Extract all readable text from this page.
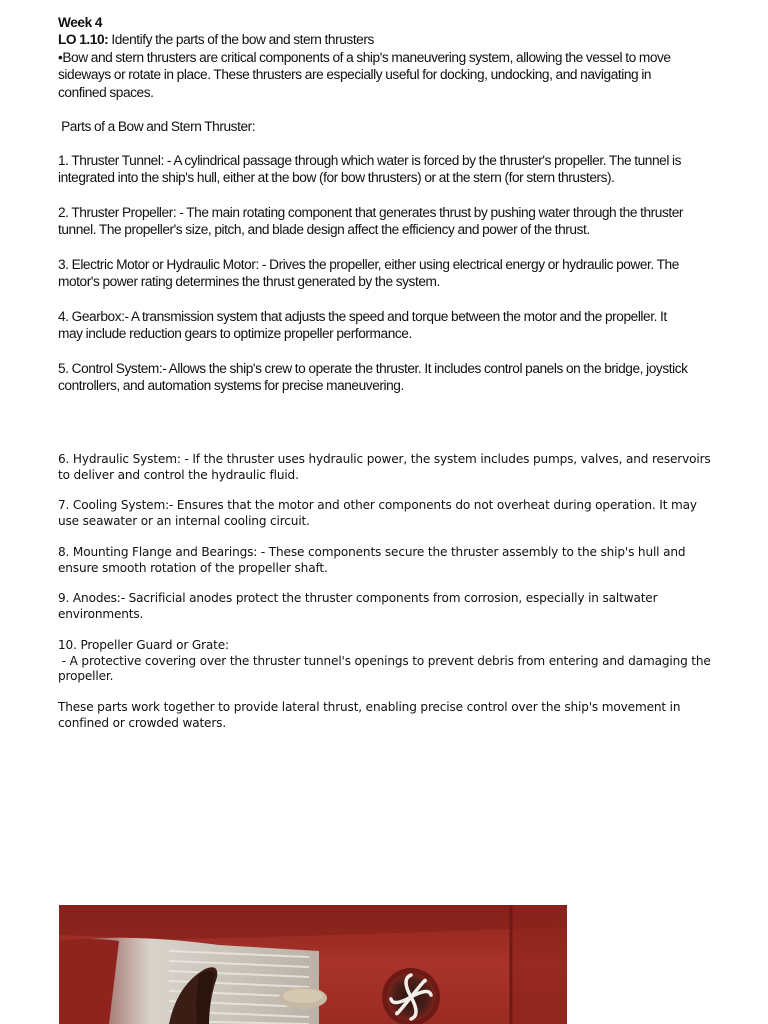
Week 4

LO 1.10: Identify the parts of the bow and stern thrusters

•Bow and stern thrusters are critical components of a ship's maneuvering system, allowing the vessel to move sideways or rotate in place. These thrusters are especially useful for docking, undocking, and navigating in confined spaces.

Parts of a Bow and Stern Thruster:

1. Thruster Tunnel: - A cylindrical passage through which water is forced by the thruster's propeller. The tunnel is integrated into the ship's hull, either at the bow (for bow thrusters) or at the stern (for stern thrusters).

2. Thruster Propeller: - The main rotating component that generates thrust by pushing water through the thruster tunnel. The propeller's size, pitch, and blade design affect the efficiency and power of the thrust.

3. Electric Motor or Hydraulic Motor: - Drives the propeller, either using electrical energy or hydraulic power. The motor's power rating determines the thrust generated by the system.

4. Gearbox:- A transmission system that adjusts the speed and torque between the motor and the propeller. It may include reduction gears to optimize propeller performance.

5. Control System:- Allows the ship's crew to operate the thruster. It includes control panels on the bridge, joystick controllers, and automation systems for precise maneuvering.

6. Hydraulic System: - If the thruster uses hydraulic power, the system includes pumps, valves, and reservoirs to deliver and control the hydraulic fluid.

7. Cooling System:- Ensures that the motor and other components do not overheat during operation. It may use seawater or an internal cooling circuit.

8. Mounting Flange and Bearings: - These components secure the thruster assembly to the ship's hull and ensure smooth rotation of the propeller shaft.

9. Anodes:- Sacrificial anodes protect the thruster components from corrosion, especially in saltwater environments.

10. Propeller Guard or Grate:

- A protective covering over the thruster tunnel's openings to prevent debris from entering and damaging the propeller.

These parts work together to provide lateral thrust, enabling precise control over the ship's movement in confined or crowded waters.
